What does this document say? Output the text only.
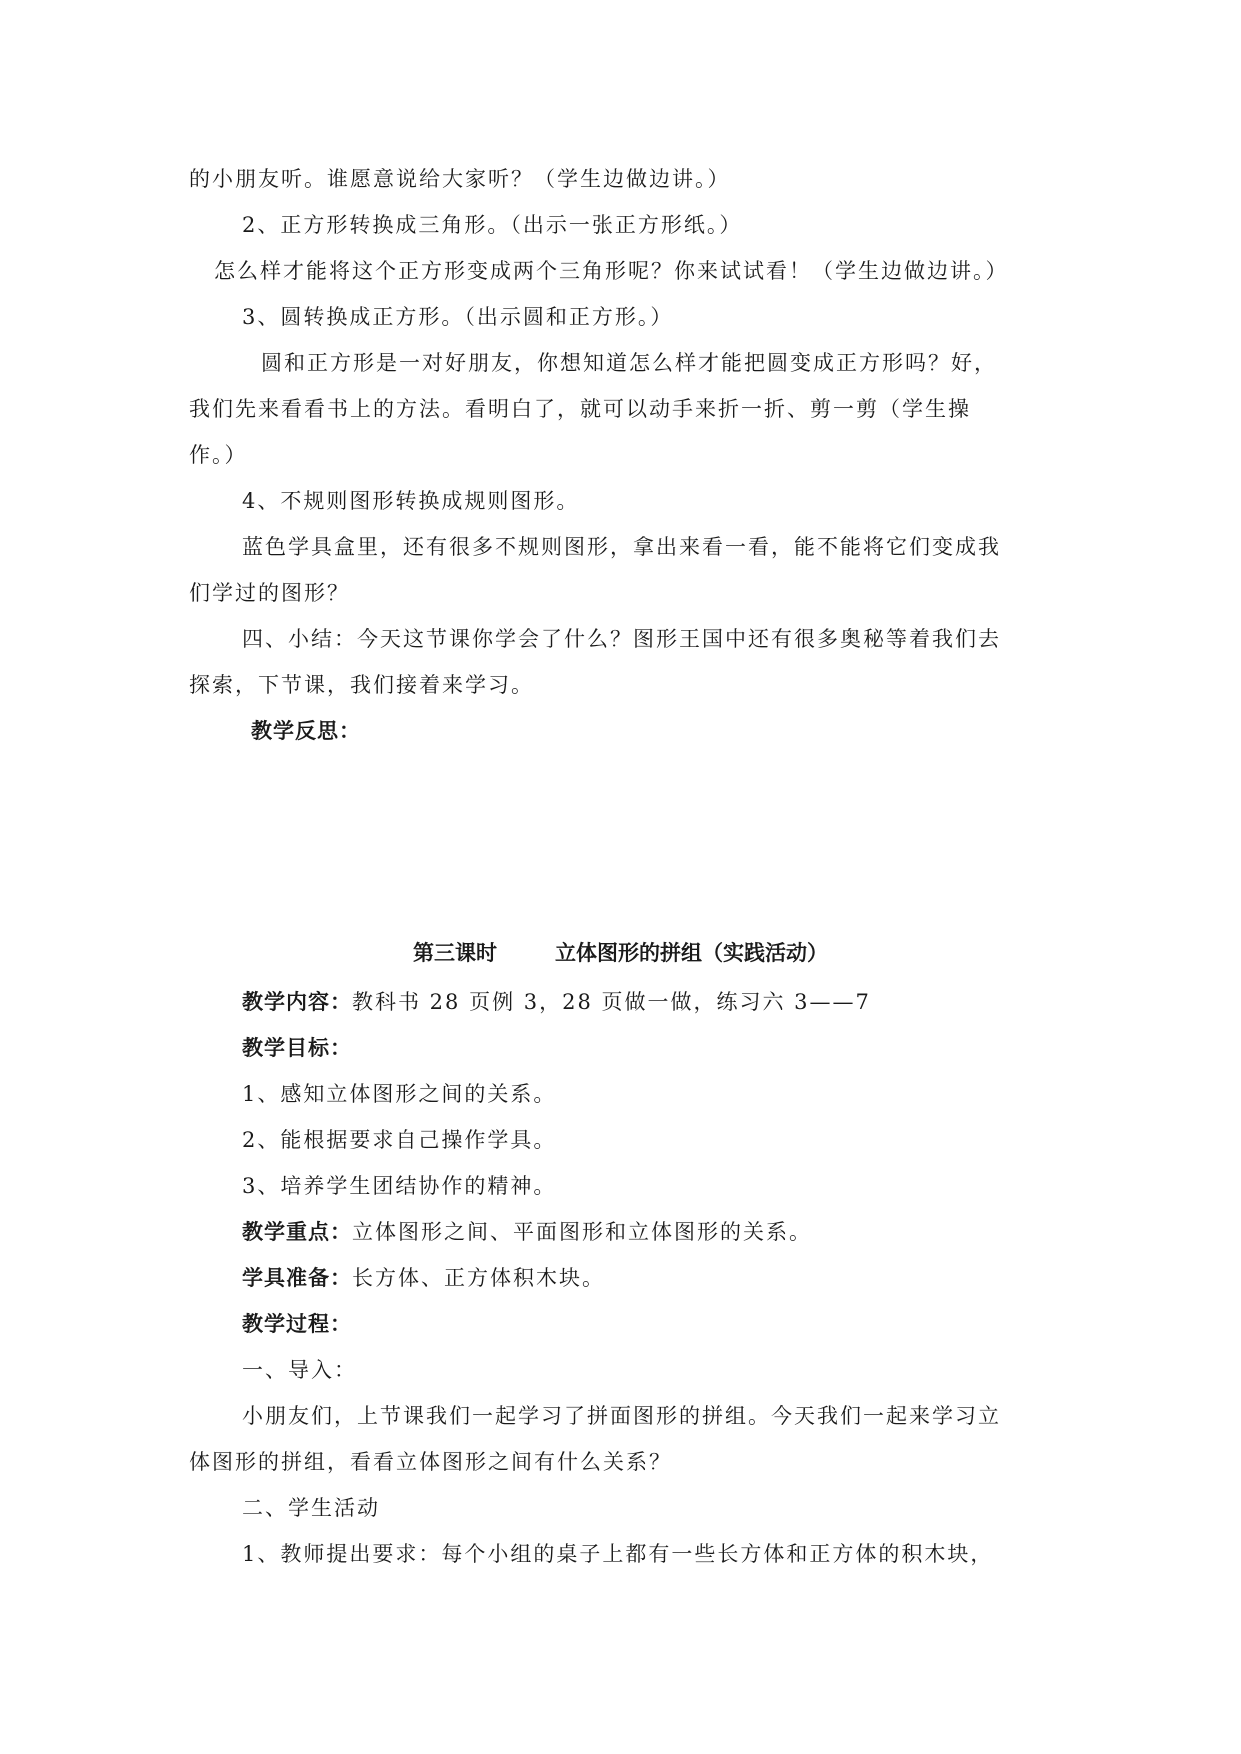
的小朋友听。谁愿意说给大家听？（学生边做边讲。）
2、正方形转换成三角形。（出示一张正方形纸。）
怎么样才能将这个正方形变成两个三角形呢？你来试试看！（学生边做边讲。）
3、圆转换成正方形。（出示圆和正方形。）
圆和正方形是一对好朋友，你想知道怎么样才能把圆变成正方形吗？好，
我们先来看看书上的方法。看明白了，就可以动手来折一折、剪一剪（学生操
作。）
4、不规则图形转换成规则图形。
蓝色学具盒里，还有很多不规则图形，拿出来看一看，能不能将它们变成我
们学过的图形？
四、小结：今天这节课你学会了什么？图形王国中还有很多奥秘等着我们去
探索，下节课，我们接着来学习。
教学反思：
第三课时	立体图形的拼组（实践活动）
教学内容：教科书 28 页例 3，28 页做一做，练习六 3——7
教学目标：
1、感知立体图形之间的关系。
2、能根据要求自己操作学具。
3、培养学生团结协作的精神。
教学重点：立体图形之间、平面图形和立体图形的关系。
学具准备：长方体、正方体积木块。
教学过程：
一、导入：
小朋友们，上节课我们一起学习了拼面图形的拼组。今天我们一起来学习立
体图形的拼组，看看立体图形之间有什么关系？
二、学生活动
1、教师提出要求：每个小组的桌子上都有一些长方体和正方体的积木块，
